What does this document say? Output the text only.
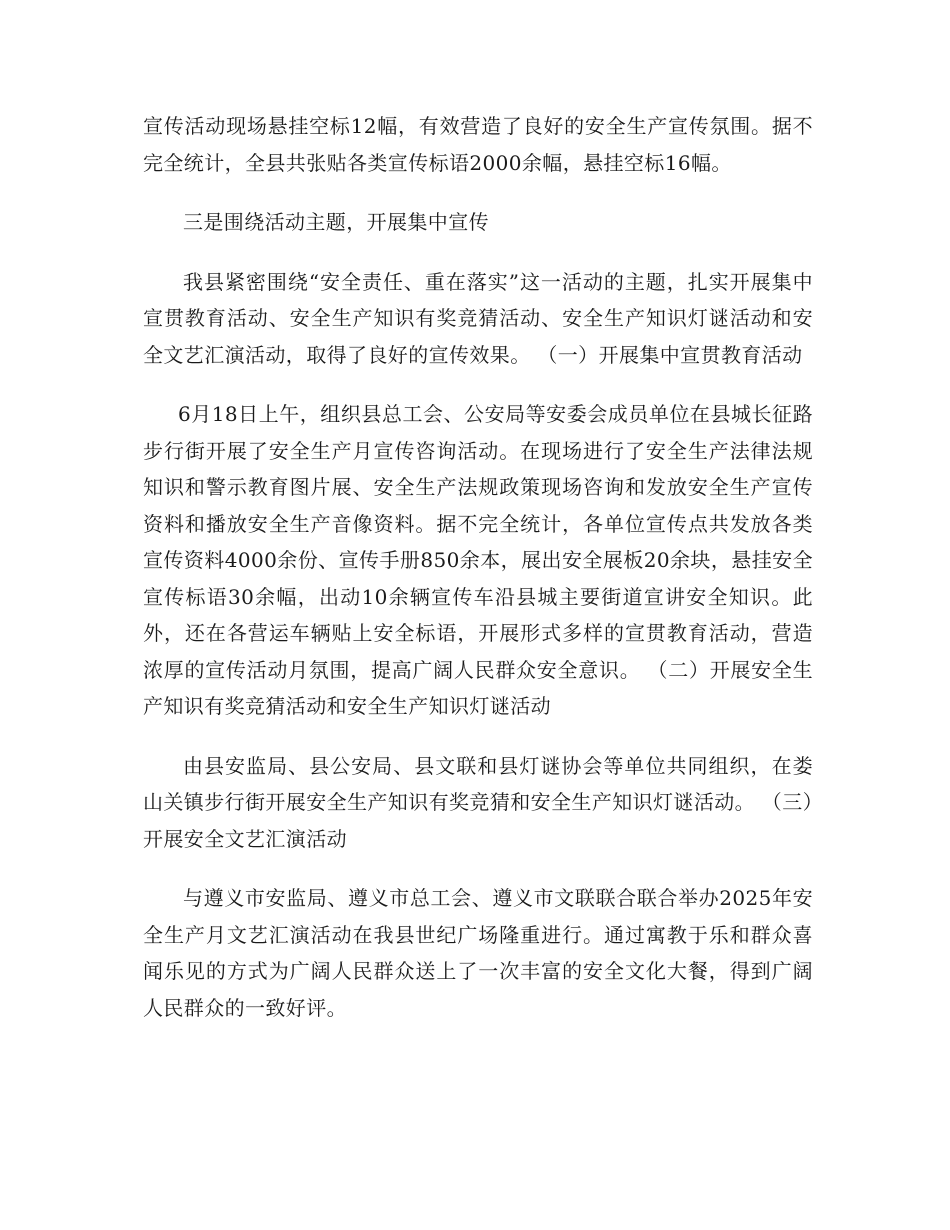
宣传活动现场悬挂空标12幅，有效营造了良好的安全生产宣传氛围。据不完全统计，全县共张贴各类宣传标语2000余幅，悬挂空标16幅。

三是围绕活动主题，开展集中宣传

我县紧密围绕“安全责任、重在落实”这一活动的主题，扎实开展集中宣贯教育活动、安全生产知识有奖竞猜活动、安全生产知识灯谜活动和安全文艺汇演活动，取得了良好的宣传效果。 （一）开展集中宣贯教育活动

6月18日上午，组织县总工会、公安局等安委会成员单位在县城长征路步行街开展了安全生产月宣传咨询活动。在现场进行了安全生产法律法规知识和警示教育图片展、安全生产法规政策现场咨询和发放安全生产宣传资料和播放安全生产音像资料。据不完全统计，各单位宣传点共发放各类宣传资料4000余份、宣传手册850余本，展出安全展板20余块，悬挂安全宣传标语30余幅，出动10余辆宣传车沿县城主要街道宣讲安全知识。此外，还在各营运车辆贴上安全标语，开展形式多样的宣贯教育活动，营造浓厚的宣传活动月氛围，提高广阔人民群众安全意识。 （二）开展安全生产知识有奖竞猜活动和安全生产知识灯谜活动

由县安监局、县公安局、县文联和县灯谜协会等单位共同组织，在娄山关镇步行街开展安全生产知识有奖竞猜和安全生产知识灯谜活动。 （三）开展安全文艺汇演活动

与遵义市安监局、遵义市总工会、遵义市文联联合联合举办2025年安全生产月文艺汇演活动在我县世纪广场隆重进行。通过寓教于乐和群众喜闻乐见的方式为广阔人民群众送上了一次丰富的安全文化大餐，得到广阔人民群众的一致好评。
